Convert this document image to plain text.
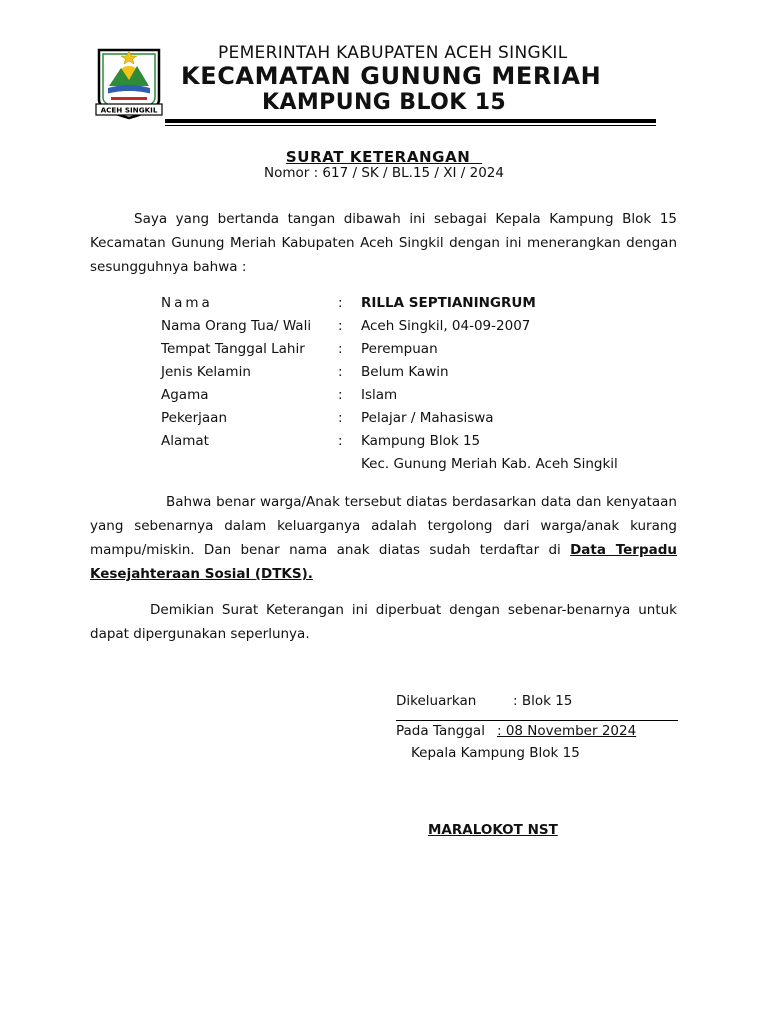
ACEH SINGKIL
PEMERINTAH KABUPATEN ACEH SINGKIL
KECAMATAN GUNUNG MERIAH
KAMPUNG BLOK 15
SURAT KETERANGAN
Nomor : 617 / SK / BL.15 / XI / 2024
Saya yang bertanda tangan dibawah ini sebagai Kepala Kampung Blok 15 Kecamatan Gunung Meriah Kabupaten Aceh Singkil dengan ini menerangkan dengan sesungguhnya bahwa :
Nama	:	RILLA SEPTIANINGRUM
Nama Orang Tua/ Wali	:	Aceh Singkil, 04-09-2007
Tempat Tanggal Lahir	:	Perempuan
Jenis Kelamin	:	Belum Kawin
Agama	:	Islam
Pekerjaan	:	Pelajar / Mahasiswa
Alamat	:	Kampung Blok 15
Kec. Gunung Meriah Kab. Aceh Singkil
Bahwa benar warga/Anak tersebut diatas berdasarkan data dan kenyataan yang sebenarnya dalam keluarganya adalah tergolong dari warga/anak kurang mampu/miskin. Dan benar nama anak diatas sudah terdaftar di Data Terpadu Kesejahteraan Sosial (DTKS).
Demikian Surat Keterangan ini diperbuat dengan sebenar-benarnya untuk dapat dipergunakan seperlunya.
Dikeluarkan	: Blok 15
Pada Tanggal : 08 November 2024
Kepala Kampung Blok 15
MARALOKOT NST
